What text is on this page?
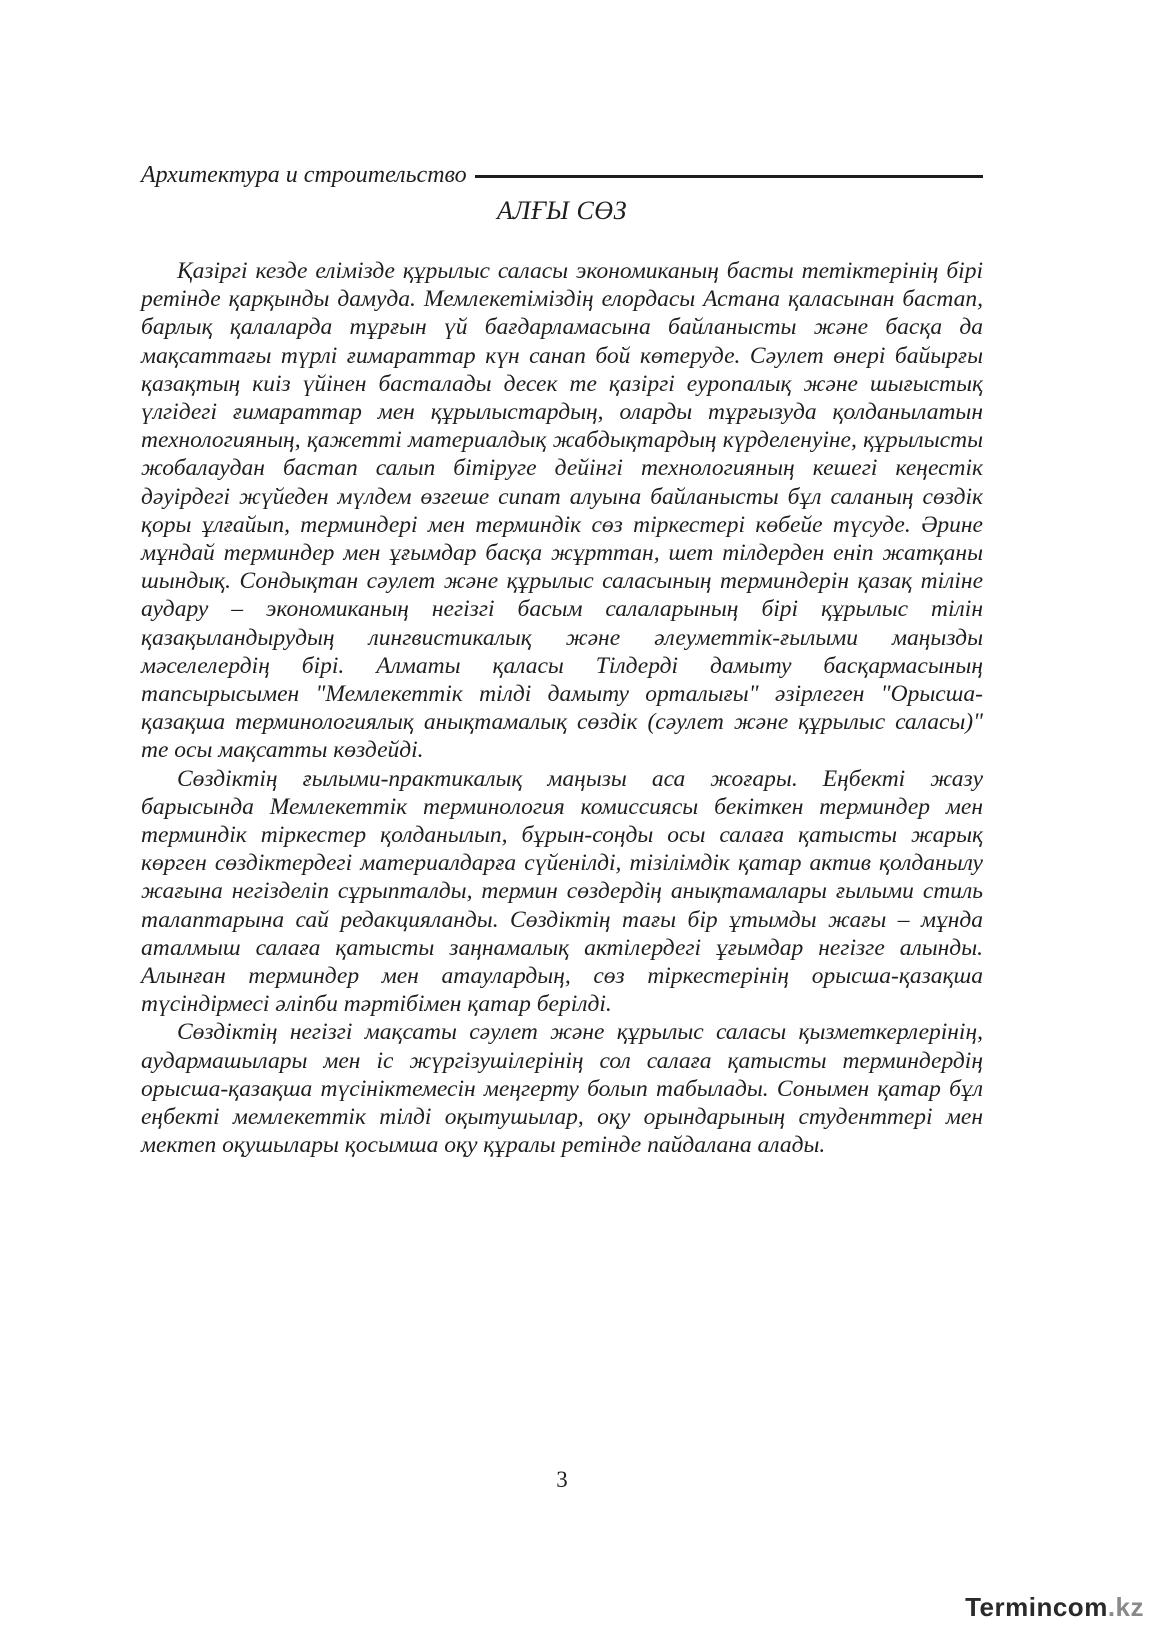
Архитектура и строительство
АЛҒЫ СӨЗ

Қазіргі кезде елімізде құрылыс саласы экономиканың басты тетіктерінің бірі ретінде қарқынды дамуда. Мемлекетіміздің елордасы Астана қаласынан бастап, барлық қалаларда тұрғын үй бағдарламасына байланысты және басқа да мақсаттағы түрлі ғимараттар күн санап бой көтеруде. Сәулет өнері байырғы қазақтың киіз үйінен басталады десек те қазіргі еуропалық және шығыстық үлгідегі ғимараттар мен құрылыстардың, оларды тұрғызуда қолданылатын технологияның, қажетті материалдық жабдықтардың күрделенуіне, құрылысты жобалаудан бастап салып бітіруге дейінгі технологияның кешегі кеңестік дәуірдегі жүйеден мүлдем өзгеше сипат алуына байланысты бұл саланың сөздік қоры ұлғайып, терминдері мен терминдік сөз тіркестері көбейе түсуде. Әрине мұндай терминдер мен ұғымдар басқа жұрттан, шет тілдерден еніп жатқаны шындық. Сондықтан сәулет және құрылыс саласының терминдерін қазақ тіліне аудару – экономиканың негізгі басым салаларының бірі құрылыс тілін қазақыландырудың лингвистикалық және әлеуметтік-ғылыми маңызды мәселелердің бірі. Алматы қаласы Тілдерді дамыту басқармасының тапсырысымен "Мемлекеттік тілді дамыту орталығы" әзірлеген "Орысша-қазақша терминологиялық анықтамалық сөздік (сәулет және құрылыс саласы)" те осы мақсатты көздейді.

Сөздіктің ғылыми-практикалық маңызы аса жоғары. Еңбекті жазу барысында Мемлекеттік терминология комиссиясы бекіткен терминдер мен терминдік тіркестер қолданылып, бұрын-соңды осы салаға қатысты жарық көрген сөздіктердегі материалдарға сүйенілді, тізілімдік қатар актив қолданылу жағына негізделіп сұрыпталды, термин сөздердің анықтамалары ғылыми стиль талаптарына сай редакцияланды. Сөздіктің тағы бір ұтымды жағы – мұнда аталмыш салаға қатысты заңнамалық актілердегі ұғымдар негізге алынды. Алынған терминдер мен атаулардың, сөз тіркестерінің орысша-қазақша түсіндірмесі әліпби тәртібімен қатар берілді.

Сөздіктің негізгі мақсаты сәулет және құрылыс саласы қызметкерлерінің, аудармашылары мен іс жүргізушілерінің сол салаға қатысты терминдердің орысша-қазақша түсініктемесін меңгерту болып табылады. Сонымен қатар бұл еңбекті мемлекеттік тілді оқытушылар, оқу орындарының студенттері мен мектеп оқушылары қосымша оқу құралы ретінде пайдалана алады.

3
Termincom .kz
